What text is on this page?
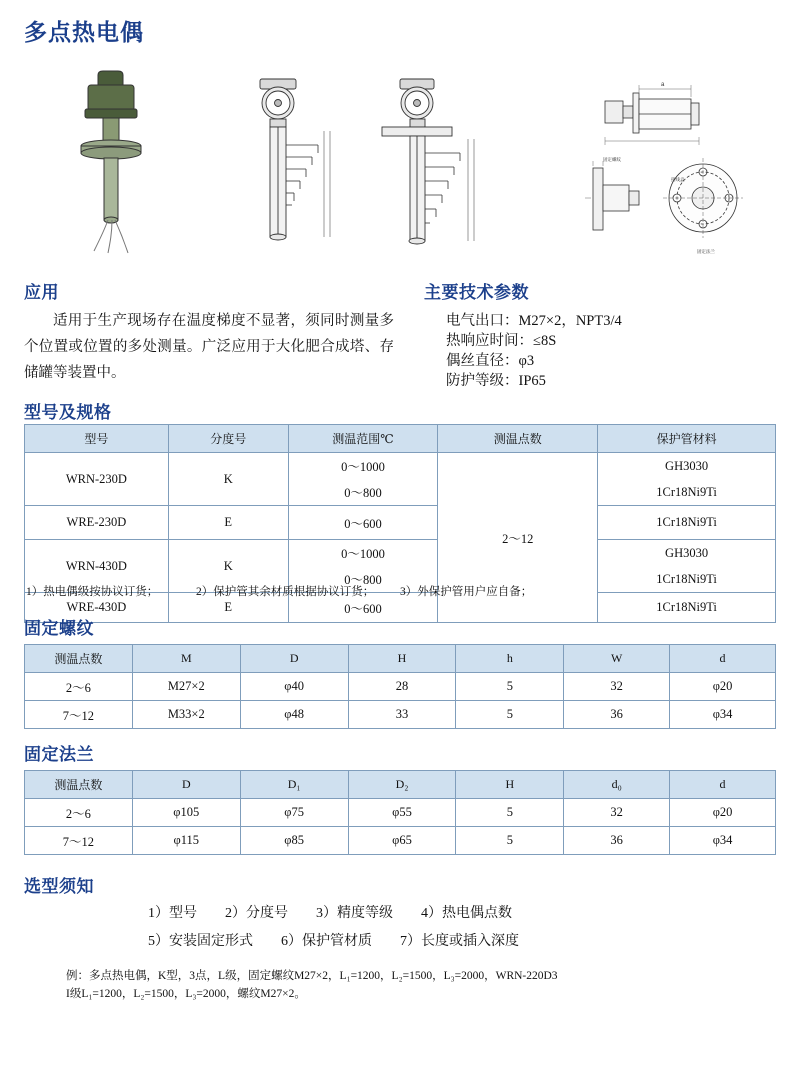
多点热电偶
a
接线盒
固定螺纹
固定法兰
应用
适用于生产现场存在温度梯度不显著，须同时测量多个位置或位置的多处测量。广泛应用于大化肥合成塔、存储罐等装置中。
主要技术参数
电气出口：M27×2，NPT3/4
热响应时间：≤8S
偶丝直径：φ3
防护等级：IP65
型号及规格
型号	分度号	测温范围℃	测温点数	保护管材料
WRN-230D	K	0～1000	2～12	GH3030
		0～800		1Cr18Ni9Ti
WRE-230D	E	0～600		1Cr18Ni9Ti
WRN-430D	K	0～1000		GH3030
		0～800		1Cr18Ni9Ti
WRE-430D	E	0～600		1Cr18Ni9Ti
1）热电偶级按协议订货；	2）保护管其余材质根据协议订货； 3）外保护管用户应自备；
固定螺纹
测温点数	M	D	H	h	W	d
2～6	M27×2	φ40	28	5	32	φ20
7～12	M33×2	φ48	33	5	36	φ34
固定法兰
测温点数	D	D₁	D₂	H	d₀	d
2～6	φ105	φ75	φ55	5	32	φ20
7～12	φ115	φ85	φ65	5	36	φ34
选型须知
1）型号　　2）分度号　　3）精度等级　　4）热电偶点数
5）安装固定形式　　6）保护管材质　　7）长度或插入深度
例：多点热电偶，K型，3点，L级，固定螺纹M27×2，L₁=1200，L₂=1500，L₃=2000，WRN-220D3
I级L₁=1200，L₂=1500，L₃=2000，螺纹M27×2。
